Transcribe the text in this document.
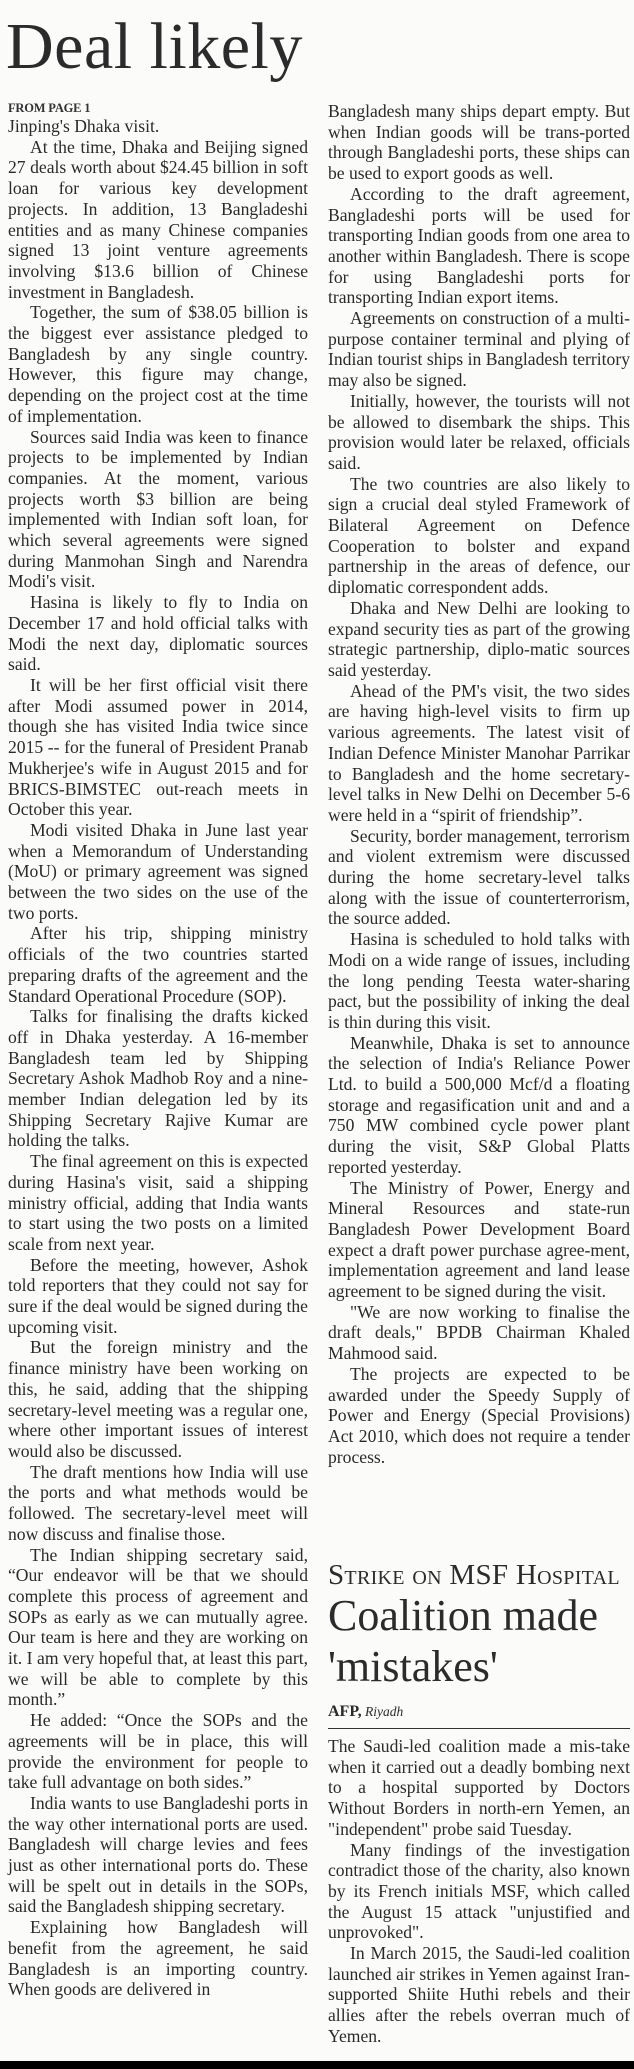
Deal likely
FROM PAGE 1

Jinping's Dhaka visit.

At the time, Dhaka and Beijing signed 27 deals worth about $24.45 billion in soft loan for various key development projects. In addition, 13 Bangladeshi entities and as many Chinese companies signed 13 joint venture agreements involving $13.6 billion of Chinese investment in Bangladesh.

Together, the sum of $38.05 billion is the biggest ever assistance pledged to Bangladesh by any single country. However, this figure may change, depending on the project cost at the time of implementation.

Sources said India was keen to finance projects to be implemented by Indian companies. At the moment, various projects worth $3 billion are being implemented with Indian soft loan, for which several agreements were signed during Manmohan Singh and Narendra Modi's visit.

Hasina is likely to fly to India on December 17 and hold official talks with Modi the next day, diplomatic sources said.

It will be her first official visit there after Modi assumed power in 2014, though she has visited India twice since 2015 -- for the funeral of President Pranab Mukherjee's wife in August 2015 and for BRICS-BIMSTEC out-reach meets in October this year.

Modi visited Dhaka in June last year when a Memorandum of Understanding (MoU) or primary agreement was signed between the two sides on the use of the two ports.

After his trip, shipping ministry officials of the two countries started preparing drafts of the agreement and the Standard Operational Procedure (SOP).

Talks for finalising the drafts kicked off in Dhaka yesterday. A 16-member Bangladesh team led by Shipping Secretary Ashok Madhob Roy and a nine-member Indian delegation led by its Shipping Secretary Rajive Kumar are holding the talks.

The final agreement on this is expected during Hasina's visit, said a shipping ministry official, adding that India wants to start using the two posts on a limited scale from next year.

Before the meeting, however, Ashok told reporters that they could not say for sure if the deal would be signed during the upcoming visit.

But the foreign ministry and the finance ministry have been working on this, he said, adding that the shipping secretary-level meeting was a regular one, where other important issues of interest would also be discussed.

The draft mentions how India will use the ports and what methods would be followed. The secretary-level meet will now discuss and finalise those.

The Indian shipping secretary said, “Our endeavor will be that we should complete this process of agreement and SOPs as early as we can mutually agree. Our team is here and they are working on it. I am very hopeful that, at least this part, we will be able to complete by this month.”

He added: “Once the SOPs and the agreements will be in place, this will provide the environment for people to take full advantage on both sides.”

India wants to use Bangladeshi ports in the way other international ports are used. Bangladesh will charge levies and fees just as other international ports do. These will be spelt out in details in the SOPs, said the Bangladesh shipping secretary.

Explaining how Bangladesh will benefit from the agreement, he said Bangladesh is an importing country. When goods are delivered in

Bangladesh many ships depart empty. But when Indian goods will be trans-ported through Bangladeshi ports, these ships can be used to export goods as well.

According to the draft agreement, Bangladeshi ports will be used for transporting Indian goods from one area to another within Bangladesh. There is scope for using Bangladeshi ports for transporting Indian export items.

Agreements on construction of a multi-purpose container terminal and plying of Indian tourist ships in Bangladesh territory may also be signed.

Initially, however, the tourists will not be allowed to disembark the ships. This provision would later be relaxed, officials said.

The two countries are also likely to sign a crucial deal styled Framework of Bilateral Agreement on Defence Cooperation to bolster and expand partnership in the areas of defence, our diplomatic correspondent adds.

Dhaka and New Delhi are looking to expand security ties as part of the growing strategic partnership, diplo-matic sources said yesterday.

Ahead of the PM's visit, the two sides are having high-level visits to firm up various agreements. The latest visit of Indian Defence Minister Manohar Parrikar to Bangladesh and the home secretary-level talks in New Delhi on December 5-6 were held in a “spirit of friendship”.

Security, border management, terrorism and violent extremism were discussed during the home secretary-level talks along with the issue of counterterrorism, the source added.

Hasina is scheduled to hold talks with Modi on a wide range of issues, including the long pending Teesta water-sharing pact, but the possibility of inking the deal is thin during this visit.

Meanwhile, Dhaka is set to announce the selection of India's Reliance Power Ltd. to build a 500,000 Mcf/d a floating storage and regasification unit and and a 750 MW combined cycle power plant during the visit, S&P Global Platts reported yesterday.

The Ministry of Power, Energy and Mineral Resources and state-run Bangladesh Power Development Board expect a draft power purchase agree-ment, implementation agreement and land lease agreement to be signed during the visit.

"We are now working to finalise the draft deals," BPDB Chairman Khaled Mahmood said.

The projects are expected to be awarded under the Speedy Supply of Power and Energy (Special Provisions) Act 2010, which does not require a tender process.

Strike on MSF Hospital
Coalition made 'mistakes'
AFP, Riyadh

The Saudi-led coalition made a mis-take when it carried out a deadly bombing next to a hospital supported by Doctors Without Borders in north-ern Yemen, an "independent" probe said Tuesday.

Many findings of the investigation contradict those of the charity, also known by its French initials MSF, which called the August 15 attack "unjustified and unprovoked".

In March 2015, the Saudi-led coalition launched air strikes in Yemen against Iran-supported Shiite Huthi rebels and their allies after the rebels overran much of Yemen.
